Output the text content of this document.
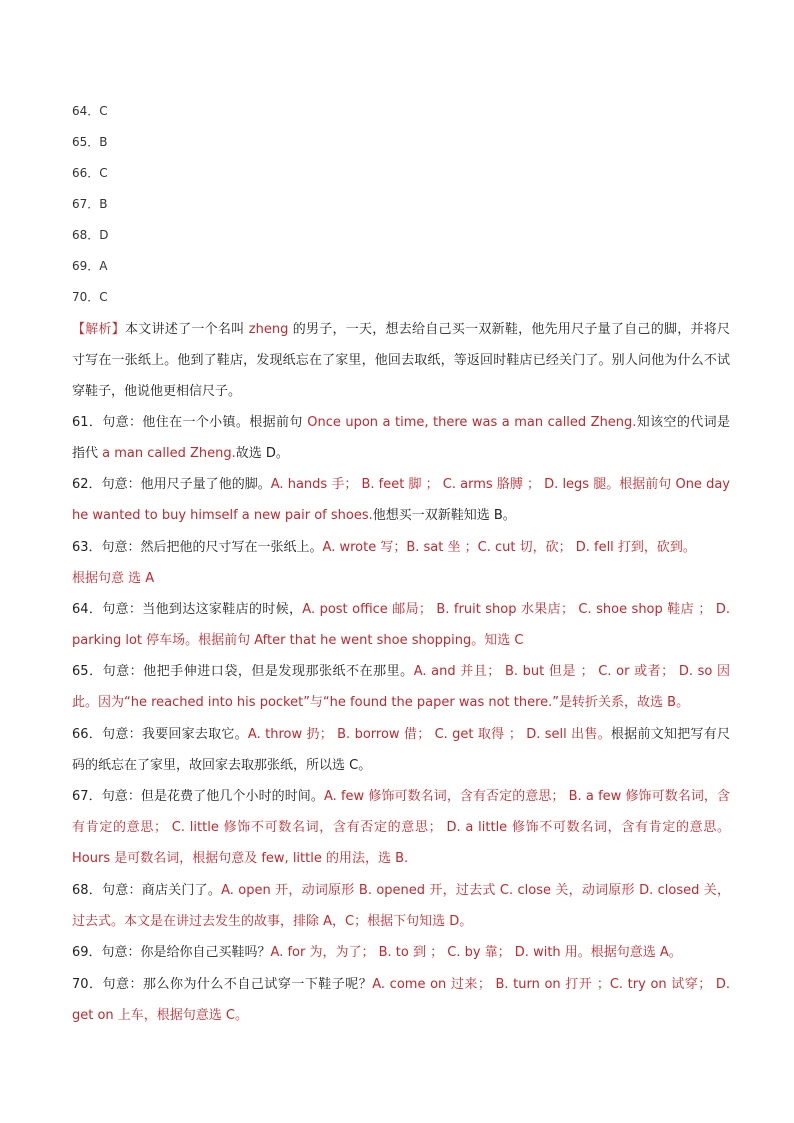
64．C
65．B
66．C
67．B
68．D
69．A
70．C
【解析】本文讲述了一个名叫 zheng 的男子，一天，想去给自己买一双新鞋，他先用尺子量了自己的脚，并将尺寸写在一张纸上。他到了鞋店，发现纸忘在了家里，他回去取纸，等返回时鞋店已经关门了。别人问他为什么不试穿鞋子，他说他更相信尺子。
61．句意：他住在一个小镇。根据前句 Once upon a time, there was a man called Zheng.知该空的代词是指代 a man called Zheng.故选 D。
62．句意：他用尺子量了他的脚。A. hands 手； B. feet 脚 ； C. arms 胳膊 ； D. legs 腿。根据前句 One day he wanted to buy himself a new pair of shoes.他想买一双新鞋知选 B。
63．句意：然后把他的尺寸写在一张纸上。A. wrote 写；B. sat 坐 ；C. cut 切，砍； D. fell 打到，砍到。
根据句意 选 A
64．句意：当他到达这家鞋店的时候，A. post office 邮局； B. fruit shop 水果店； C. shoe shop 鞋店 ； D. parking lot 停车场。根据前句 After that he went shoe shopping。知选 C
65．句意：他把手伸进口袋，但是发现那张纸不在那里。A. and 并且； B. but 但是 ； C. or 或者； D. so 因此。因为“he reached into his pocket”与“he found the paper was not there.”是转折关系，故选 B。
66．句意：我要回家去取它。A. throw 扔； B. borrow 借； C. get 取得 ； D. sell 出售。根据前文知把写有尺码的纸忘在了家里，故回家去取那张纸，所以选 C。
67．句意：但是花费了他几个小时的时间。A. few 修饰可数名词，含有否定的意思； B. a few 修饰可数名词，含有肯定的意思； C. little 修饰不可数名词，含有否定的意思； D. a little 修饰不可数名词，含有肯定的意思。 Hours 是可数名词，根据句意及 few, little 的用法，选 B.
68．句意：商店关门了。A. open 开，动词原形 B. opened 开，过去式 C. close 关，动词原形 D. closed 关，过去式。本文是在讲过去发生的故事，排除 A，C；根据下句知选 D。
69．句意：你是给你自己买鞋吗？A. for 为，为了； B. to 到 ； C. by 靠； D. with 用。根据句意选 A。
70．句意：那么你为什么不自己试穿一下鞋子呢？A. come on 过来； B. turn on 打开 ；C. try on 试穿； D. get on 上车，根据句意选 C。
